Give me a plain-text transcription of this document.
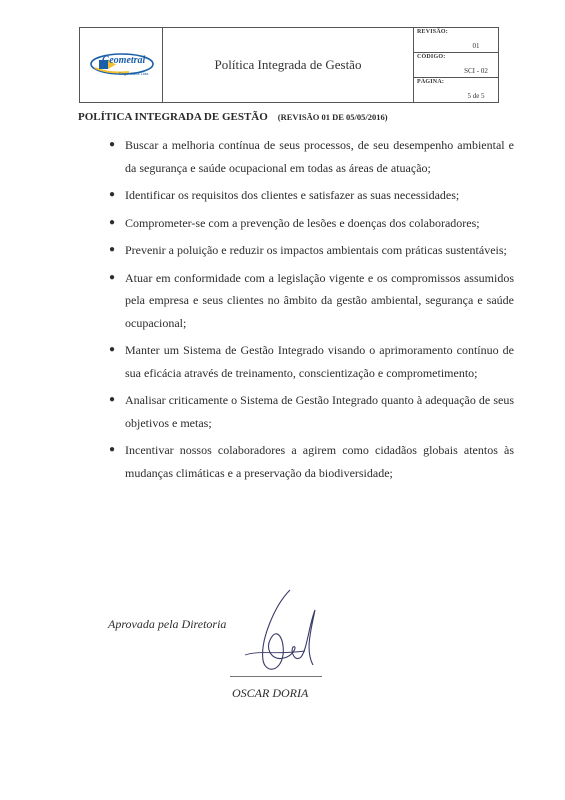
Geometral
Engenharia Ltda
Política Integrada de Gestão
REVISÃO:
01
CÓDIGO:
SCI - 02
PÁGINA:
5 de 5
POLÍTICA INTEGRADA DE GESTÃO (REVISÃO 01 DE 05/05/2016)
● Buscar a melhoria contínua de seus processos, de seu desempenho ambiental e da segurança e saúde ocupacional em todas as áreas de atuação;
● Identificar os requisitos dos clientes e satisfazer as suas necessidades;
● Comprometer-se com a prevenção de lesões e doenças dos colaboradores;
● Prevenir a poluição e reduzir os impactos ambientais com práticas sustentáveis;
● Atuar em conformidade com a legislação vigente e os compromissos assumidos pela empresa e seus clientes no âmbito da gestão ambiental, segurança e saúde ocupacional;
● Manter um Sistema de Gestão Integrado visando o aprimoramento contínuo de sua eficácia através de treinamento, conscientização e comprometimento;
● Analisar criticamente o Sistema de Gestão Integrado quanto à adequação de seus objetivos e metas;
● Incentivar nossos colaboradores a agirem como cidadãos globais atentos às mudanças climáticas e a preservação da biodiversidade;
Aprovada pela Diretoria
OSCAR DORIA
